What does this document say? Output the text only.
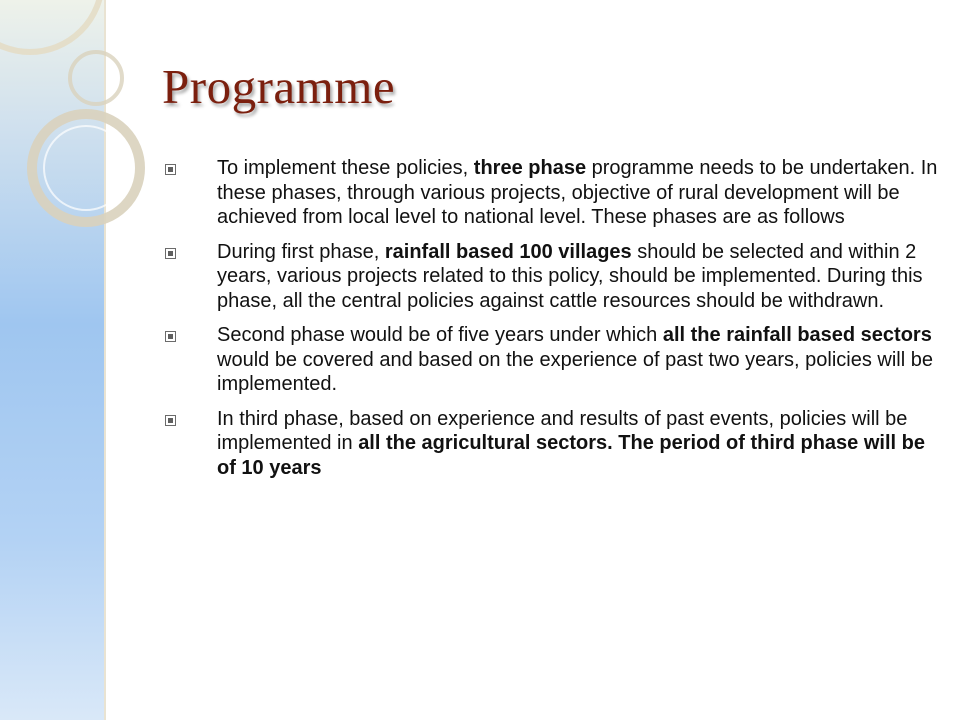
Programme
To implement these policies, three phase programme needs to be undertaken. In these phases, through various projects, objective of rural development will be achieved from local level to national level. These phases are as follows
During first phase, rainfall based 100 villages should be selected and within 2 years, various projects related to this policy, should be implemented. During this phase, all the central policies against cattle resources should be withdrawn.
Second phase would be of five years under which all the rainfall based sectors would be covered and based on the experience of past two years, policies will be implemented.
In third phase, based on experience and results of past events, policies will be implemented in all the agricultural sectors. The period of third phase will be of 10 years
